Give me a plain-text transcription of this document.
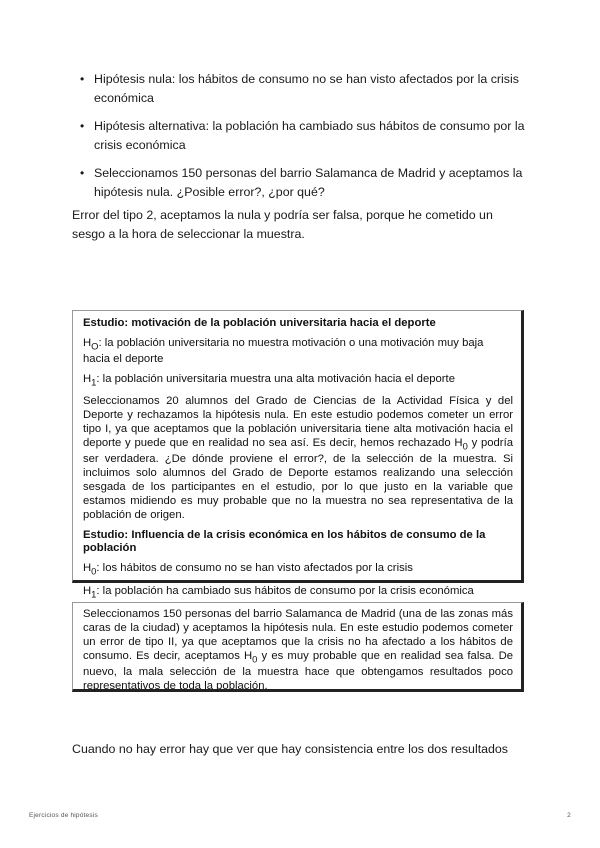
• Hipótesis nula: los hábitos de consumo no se han visto afectados por la crisis económica
• Hipótesis alternativa: la población ha cambiado sus hábitos de consumo por la crisis económica
• Seleccionamos 150 personas del barrio Salamanca de Madrid y aceptamos la hipótesis nula. ¿Posible error?, ¿por qué?

Error del tipo 2, aceptamos la nula y podría ser falsa, porque he cometido un sesgo a la hora de seleccionar la muestra.

Estudio: motivación de la población universitaria hacia el deporte

$H_O$: la población universitaria no muestra motivación o una motivación muy baja hacia el deporte

$H_1$: la población universitaria muestra una alta motivación hacia el deporte

Seleccionamos 20 alumnos del Grado de Ciencias de la Actividad Física y del Deporte y rechazamos la hipótesis nula. En este estudio podemos cometer un error tipo I, ya que aceptamos que la población universitaria tiene alta motivación hacia el deporte y puede que en realidad no sea así. Es decir, hemos rechazado $H_0$ y podría ser verdadera. ¿De dónde proviene el error?, de la selección de la muestra. Si incluimos solo alumnos del Grado de Deporte estamos realizando una selección sesgada de los participantes en el estudio, por lo que justo en la variable que estamos midiendo es muy probable que no la muestra no sea representativa de la población de origen.

Estudio: Influencia de la crisis económica en los hábitos de consumo de la población

$H_0$: los hábitos de consumo no se han visto afectados por la crisis

$H_1$: la población ha cambiado sus hábitos de consumo por la crisis económica

Seleccionamos 150 personas del barrio Salamanca de Madrid (una de las zonas más caras de la ciudad) y aceptamos la hipótesis nula. En este estudio podemos cometer un error de tipo II, ya que aceptamos que la crisis no ha afectado a los hábitos de consumo. Es decir, aceptamos $H_0$ y es muy probable que en realidad sea falsa. De nuevo, la mala selección de la muestra hace que obtengamos resultados poco representativos de toda la población.

Cuando no hay error hay que ver que hay consistencia entre los dos resultados

Ejercicios de hipótesis	2
